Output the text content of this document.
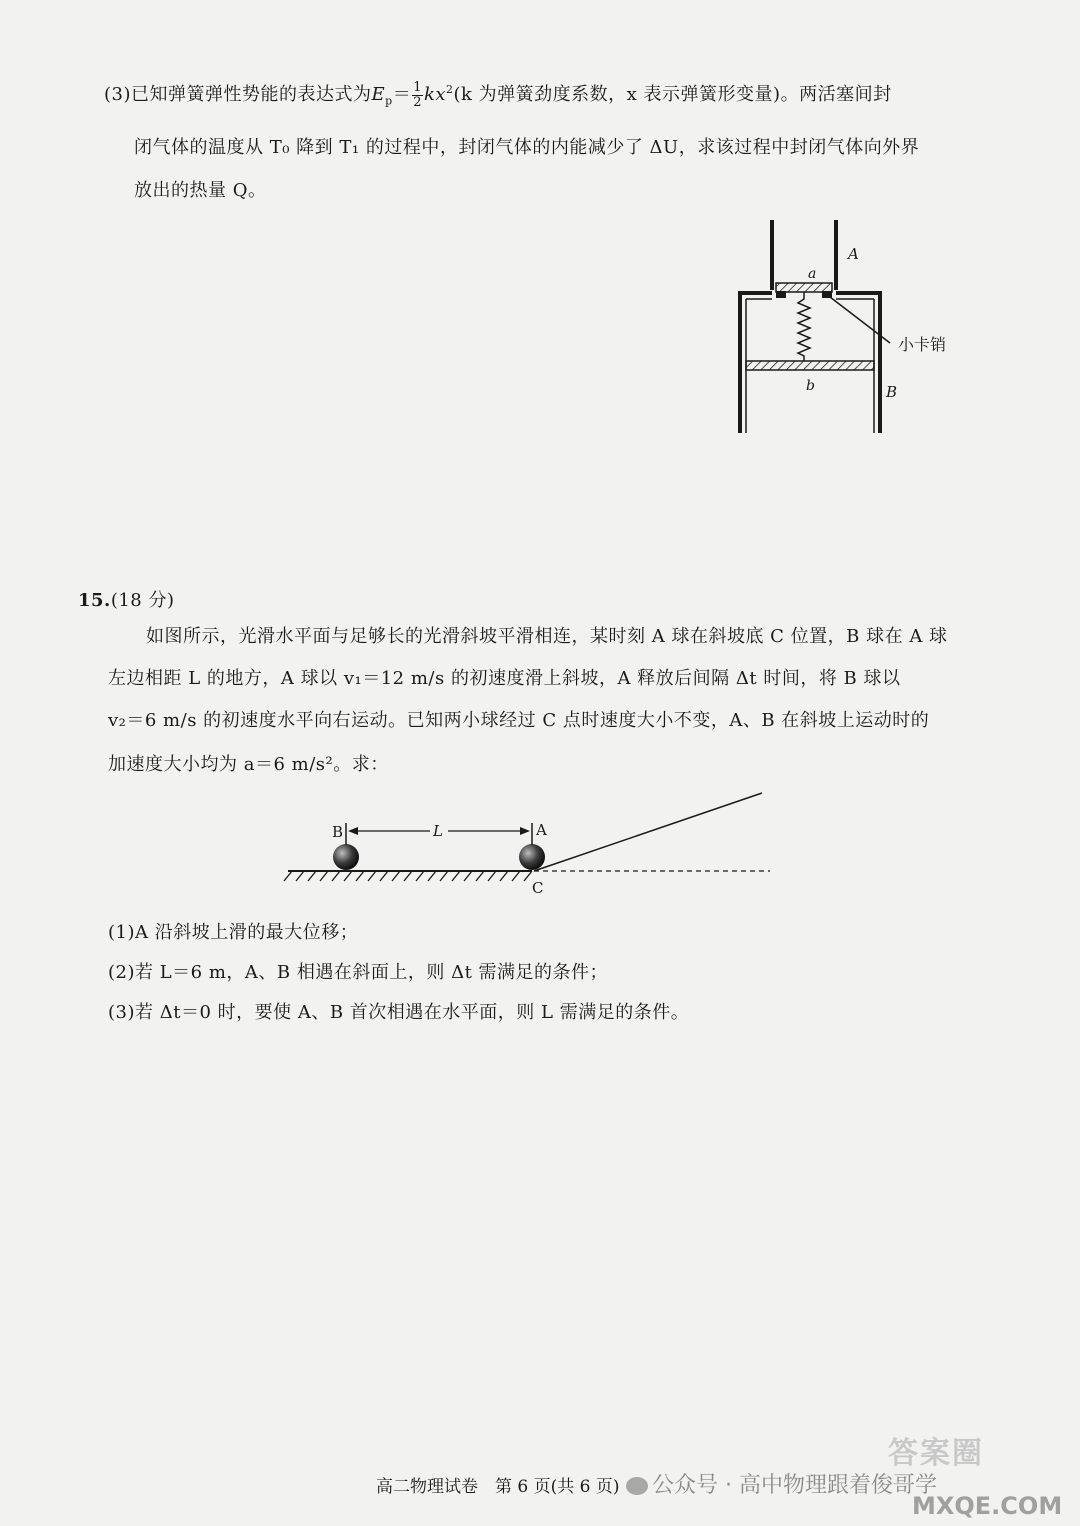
(3)已知弹簧弹性势能的表达式为$E_p= \frac{1}{2} kx^2(k$ 为弹簧劲度系数，x 表示弹簧形变量)。两活塞间封
闭气体的温度从 T₀ 降到 T₁ 的过程中，封闭气体的内能减少了 ΔU，求该过程中封闭气体向外界
放出的热量 Q。
A
a
小卡销
b	B
15.(18 分)
如图所示，光滑水平面与足够长的光滑斜坡平滑相连，某时刻 A 球在斜坡底 C 位置，B 球在 A 球
左边相距 L 的地方，A 球以 v₁＝12 m/s 的初速度滑上斜坡，A 释放后间隔 Δt 时间，将 B 球以
v₂＝6 m/s 的初速度水平向右运动。已知两小球经过 C 点时速度大小不变，A、B 在斜坡上运动时的
加速度大小均为 a＝6 m/s²。求：
B	L	A
C
(1)A 沿斜坡上滑的最大位移；
(2)若 L＝6 m，A、B 相遇在斜面上，则 Δt 需满足的条件；
(3)若 Δt＝0 时，要使 A、B 首次相遇在水平面，则 L 需满足的条件。
高二物理试卷　第 6 页(共 6 页)	公众号 · 高中物理跟着俊哥学
答案圈
MXQE.COM
